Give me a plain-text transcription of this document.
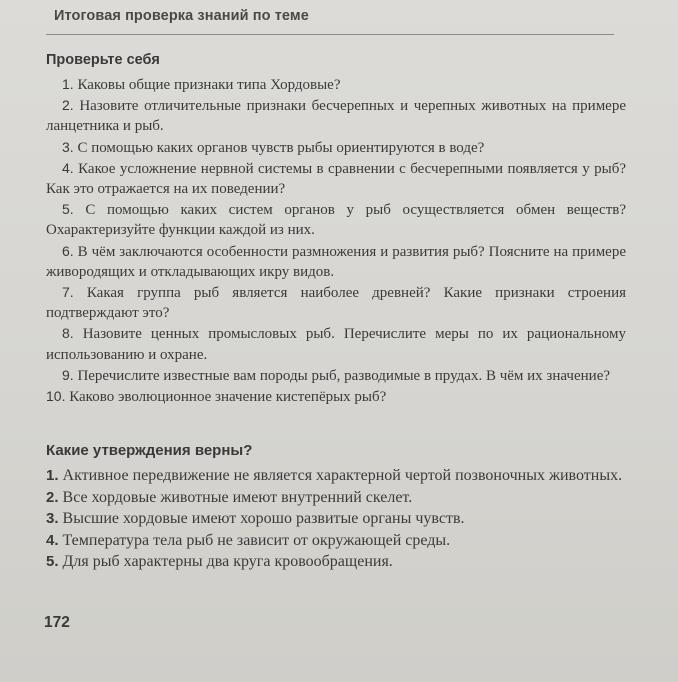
Итоговая проверка знаний по теме
Проверьте себя

1. Каковы общие признаки типа Хордовые?

2. Назовите отличительные признаки бесчерепных и черепных животных на примере ланцетника и рыб.

3. С помощью каких органов чувств рыбы ориентируются в воде?

4. Какое усложнение нервной системы в сравнении с бесчерепными появляется у рыб? Как это отражается на их поведении?

5. С помощью каких систем органов у рыб осуществляется обмен веществ? Охарактеризуйте функции каждой из них.

6. В чём заключаются особенности размножения и развития рыб? Поясните на примере живородящих и откладывающих икру видов.

7. Какая группа рыб является наиболее древней? Какие признаки строения подтверждают это?

8. Назовите ценных промысловых рыб. Перечислите меры по их рациональному использованию и охране.

9. Перечислите известные вам породы рыб, разводимые в прудах. В чём их значение?

10. Каково эволюционное значение кистепёрых рыб?

Какие утверждения верны?

1. Активное передвижение не является характерной чертой позвоночных животных.

2. Все хордовые животные имеют внутренний скелет.

3. Высшие хордовые имеют хорошо развитые органы чувств.

4. Температура тела рыб не зависит от окружающей среды.

5. Для рыб характерны два круга кровообращения.

172
